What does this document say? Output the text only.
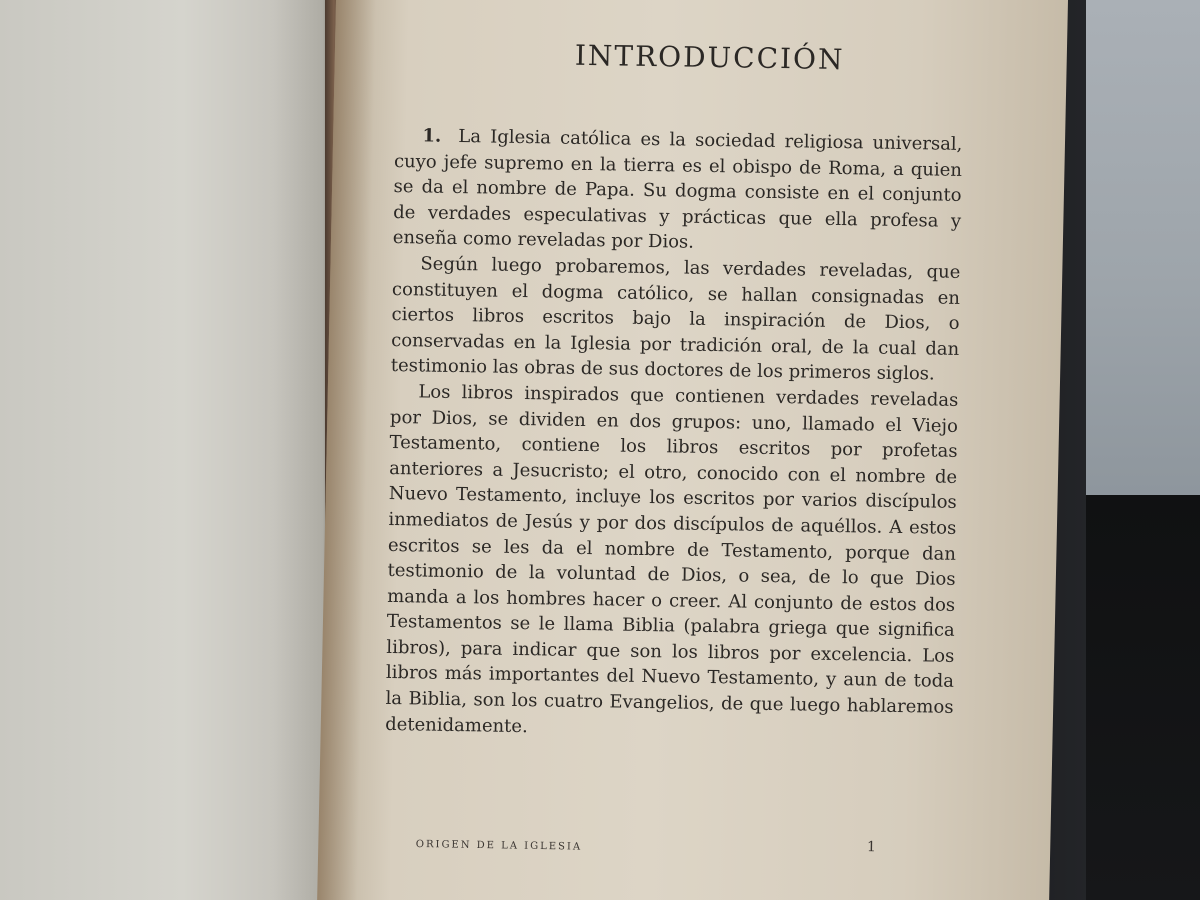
INTRODUCCIÓN

1. La Iglesia católica es la sociedad religiosa universal, cuyo jefe supremo en la tierra es el obispo de Roma, a quien se da el nombre de Papa. Su dogma consiste en el conjunto de verdades especulativas y prácticas que ella profesa y enseña como reveladas por Dios.

Según luego probaremos, las verdades reveladas, que constituyen el dogma católico, se hallan consignadas en ciertos libros escritos bajo la inspiración de Dios, o conservadas en la Iglesia por tradición oral, de la cual dan testimonio las obras de sus doctores de los primeros siglos.

Los libros inspirados que contienen verdades reveladas por Dios, se dividen en dos grupos: uno, llamado el Viejo Testamento, contiene los libros escritos por profetas anteriores a Jesucristo; el otro, conocido con el nombre de Nuevo Testamento, incluye los escritos por varios discípulos inmediatos de Jesús y por dos discípulos de aquéllos. A estos escritos se les da el nombre de Testamento, porque dan testimonio de la voluntad de Dios, o sea, de lo que Dios manda a los hombres hacer o creer. Al conjunto de estos dos Testamentos se le llama Biblia (palabra griega que significa libros), para indicar que son los libros por excelencia. Los libros más importantes del Nuevo Testamento, y aun de toda la Biblia, son los cuatro Evangelios, de que luego hablaremos detenidamente.

ORIGEN DE LA IGLESIA	1
